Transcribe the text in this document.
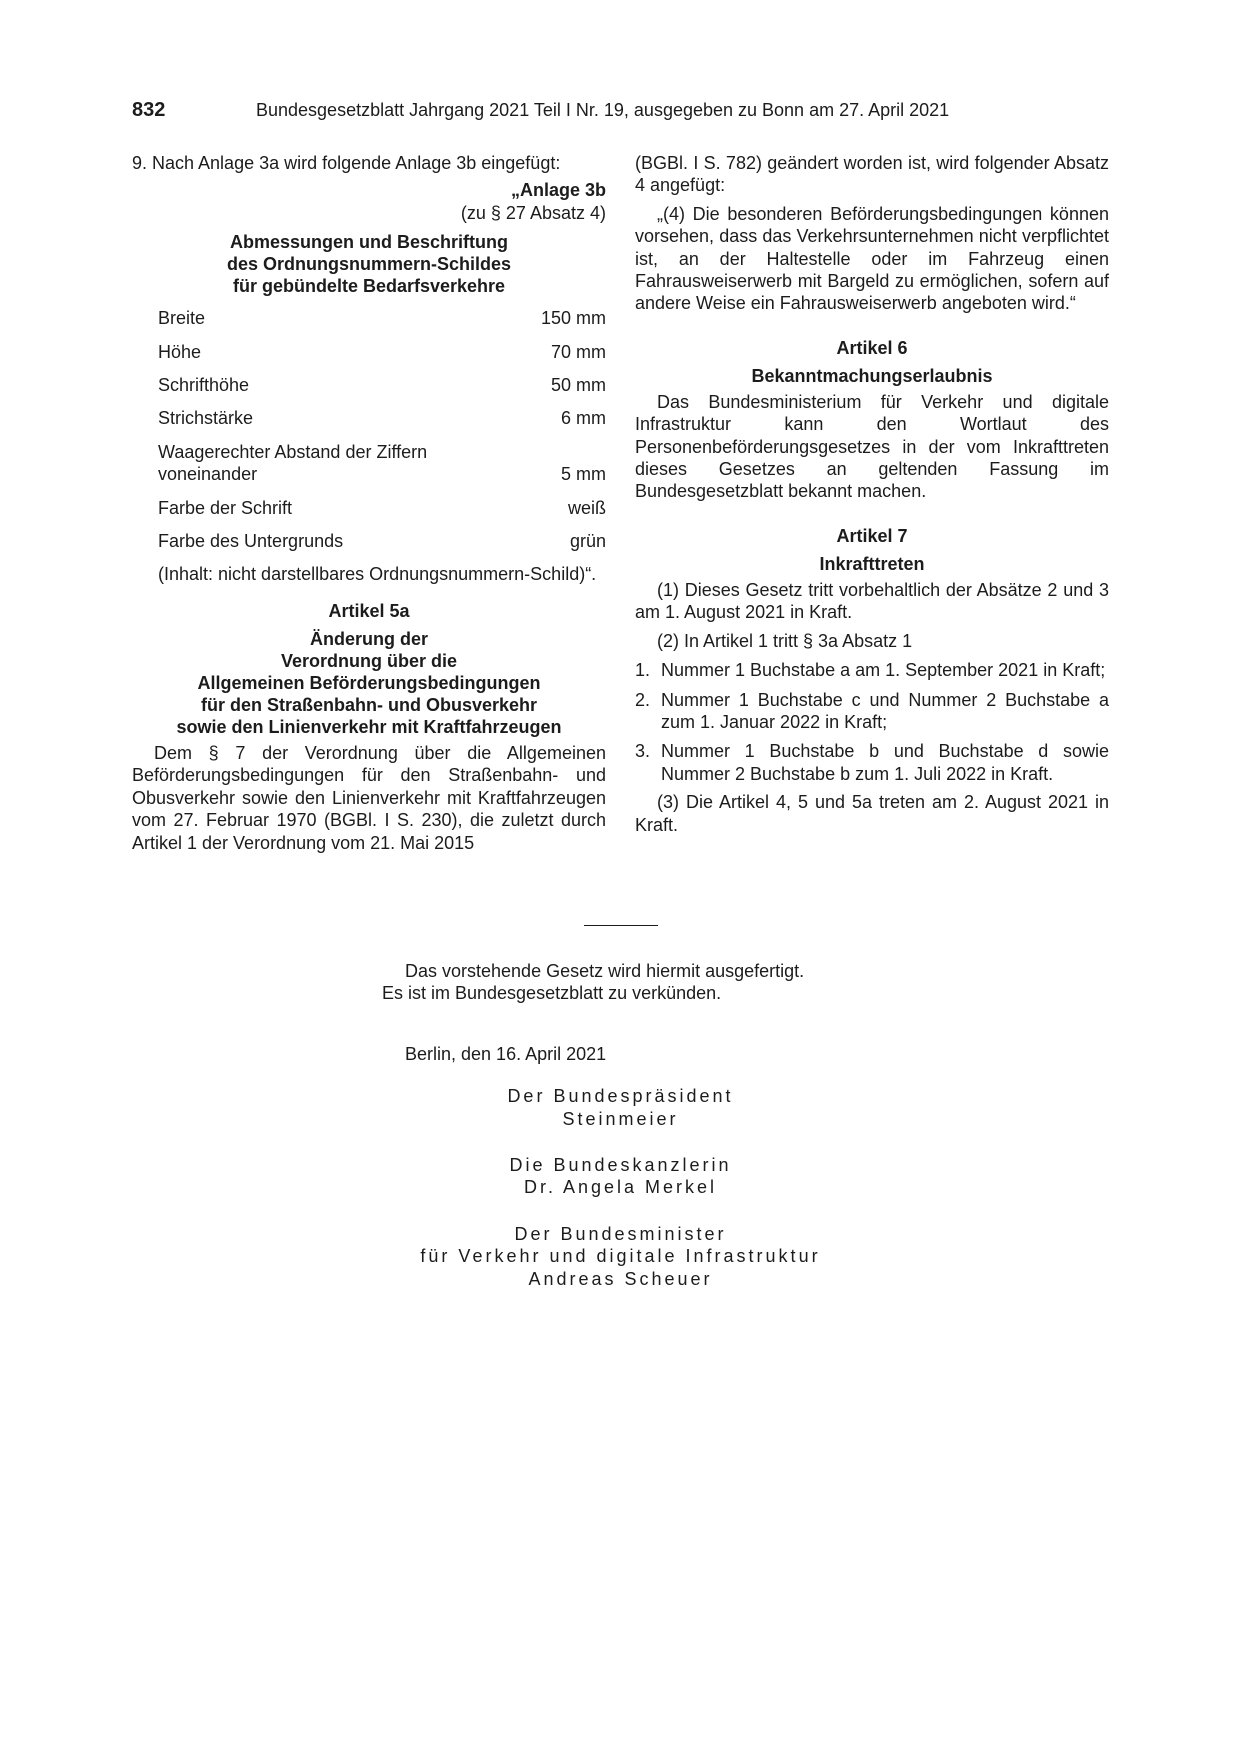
832	Bundesgesetzblatt Jahrgang 2021 Teil I Nr. 19, ausgegeben zu Bonn am 27. April 2021

9. Nach Anlage 3a wird folgende Anlage 3b eingefügt:

„Anlage 3b

(zu § 27 Absatz 4)

Abmessungen und Beschriftung

des Ordnungsnummern-Schildes

für gebündelte Bedarfsverkehre

Breite	150 mm
Höhe	70 mm
Schrifthöhe	50 mm
Strichstärke	6 mm
Waagerechter Abstand der Ziffern voneinander	5 mm
Farbe der Schrift	weiß
Farbe des Untergrunds	grün

(Inhalt: nicht darstellbares Ordnungsnummern-Schild)“.

Artikel 5a

Änderung der

Verordnung über die

Allgemeinen Beförderungsbedingungen

für den Straßenbahn- und Obusverkehr

sowie den Linienverkehr mit Kraftfahrzeugen

Dem § 7 der Verordnung über die Allgemeinen Beförderungsbedingungen für den Straßenbahn- und Obusverkehr sowie den Linienverkehr mit Kraftfahrzeugen vom 27. Februar 1970 (BGBl. I S. 230), die zuletzt durch Artikel 1 der Verordnung vom 21. Mai 2015

(BGBl. I S. 782) geändert worden ist, wird folgender Absatz 4 angefügt:

„(4) Die besonderen Beförderungsbedingungen können vorsehen, dass das Verkehrsunternehmen nicht verpflichtet ist, an der Haltestelle oder im Fahrzeug einen Fahrausweiserwerb mit Bargeld zu ermöglichen, sofern auf andere Weise ein Fahrausweiserwerb angeboten wird.“

Artikel 6

Bekanntmachungserlaubnis

Das Bundesministerium für Verkehr und digitale Infrastruktur kann den Wortlaut des Personenbeförderungsgesetzes in der vom Inkrafttreten dieses Gesetzes an geltenden Fassung im Bundesgesetzblatt bekannt machen.

Artikel 7

Inkrafttreten

(1) Dieses Gesetz tritt vorbehaltlich der Absätze 2 und 3 am 1. August 2021 in Kraft.

(2) In Artikel 1 tritt § 3a Absatz 1

1. Nummer 1 Buchstabe a am 1. September 2021 in Kraft;
2. Nummer 1 Buchstabe c und Nummer 2 Buchstabe a zum 1. Januar 2022 in Kraft;
3. Nummer 1 Buchstabe b und Buchstabe d sowie Nummer 2 Buchstabe b zum 1. Juli 2022 in Kraft.

(3) Die Artikel 4, 5 und 5a treten am 2. August 2021 in Kraft.

Das vorstehende Gesetz wird hiermit ausgefertigt.

Es ist im Bundesgesetzblatt zu verkünden.

Berlin, den 16. April 2021

Der Bundespräsident

Steinmeier

Die Bundeskanzlerin

Dr. Angela Merkel

Der Bundesminister

für Verkehr und digitale Infrastruktur

Andreas Scheuer
